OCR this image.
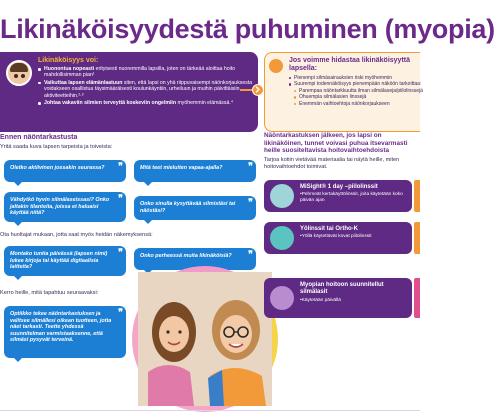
Likinäköisyydestä puhuminen (myopia)
Likinäköisyys voi:
Huonontua nopeasti erityisesti nuoremmilla lapsilla, joten on tärkeää aloittaa hoito mahdollisimman pian¹
Vaikuttaa lapsen elämänlaatuun siten, että lapsi on yhä riippuvaisempi näönkorjauksesta voidakseen osallistua täysimääräisesti koulunkäyntiin, urheiluun ja muihin päivittäisiin aktiviteetteihin.²·³
Johtaa vakaviin silmien terveyttä koskeviin ongelmiin myöhemmin elämässä.⁴
Jos voimme hidastaa likinäköisyyttä lapsella:
Pienempi silmäsairauksien riski myöhemmin
Suurempi todennäköisyys pienempään näköön tarkoittaa:
Parempaa näöntarkkuutta ilman silmälaseja/piilolinssejä
Ohuempia silmälasien linssejä
Enemmän vaihtoehtoja näönkorjaukseen
Ennen näöntarkastusta
Yritä saada kuva lapsen tarpeista ja toiveista:
Oletko aktiivinen jossakin seurassa? ❞	Mitä teet mieluiten vapaa-ajalla?	❞
Vähdytkö hyvin silmälaseissasi? Onko jaltakin tilanteita, joissa et haluaisi käyttää niitä?
❞	Onko sinulla kysyttävää silmistäsi tai näöstäsi?
❞
Ota huoltajat mukaan, jotta saat myös heidän näkemyksensä:
Montako tuntia päivässä (lapsen nimi) lukee kirjoja tai käyttää digitaalisia laitteita?
❞	Onko perheessä muita likinäköisiä? ❞
Kerro heille, mitä tapahtuu seuraavaksi:
Optiikko tekee näöntarkastuksen ja valitsee silmällesi oikean tuotteen, jotta näet tarkasti. Teette yhdessä suunnitelman varmistaaksenne, että silmäsi pysyvät terveinä.
❞
Näöntarkastuksen jälkeen, jos lapsi on likinäköinen, tunnet voivasi puhua itsevarmasti heille suositeltavista hoitovaihtoehdoista
Tarjoa kotiin vietävää materiaalia tai näytä heille, miten hoitovaihtoehdot toimivat.
MiSight® 1 day –piilolinssit
• Pehmeät kertakäyttölinssit, joita käytetään koko päivän ajan
Yölinssit tai Ortho-K
• Yöllä käytettävät kovat piilolinssit
Myopian hoitoon suunnitellut silmälasit
• Käytetään päivällä
